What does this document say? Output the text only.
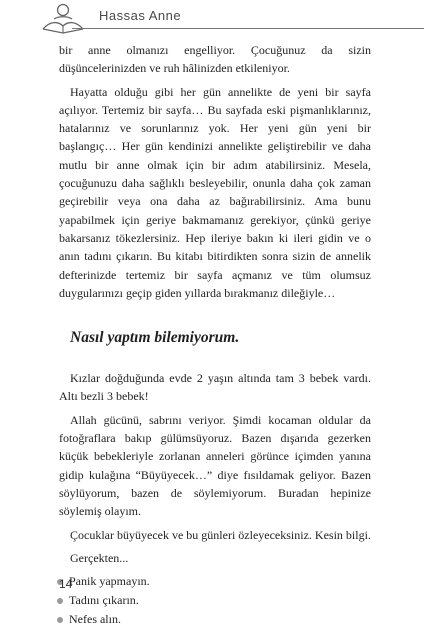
Hassas Anne

bir anne olmanızı engelliyor. Çocuğunuz da sizin düşüncelerinizden ve ruh hâlinizden etkileniyor.

Hayatta olduğu gibi her gün annelikte de yeni bir sayfa açılıyor. Tertemiz bir sayfa… Bu sayfada eski pişmanlıklarınız, hatalarınız ve sorunlarınız yok. Her yeni gün yeni bir başlangıç… Her gün kendinizi annelikte geliştirebilir ve daha mutlu bir anne olmak için bir adım atabilirsiniz. Mesela, çocuğunuzu daha sağlıklı besleyebilir, onunla daha çok zaman geçirebilir veya ona daha az bağırabilirsiniz. Ama bunu yapabilmek için geriye bakmamanız gerekiyor, çünkü geriye bakarsanız tökezlersiniz. Hep ileriye bakın ki ileri gidin ve o anın tadını çıkarın. Bu kitabı bitirdikten sonra sizin de annelik defterinizde tertemiz bir sayfa açmanız ve tüm olumsuz duygularınızı geçip giden yıllarda bırakmanız dileğiyle…

Nasıl yaptım bilemiyorum.

Kızlar doğduğunda evde 2 yaşın altında tam 3 bebek vardı. Altı bezli 3 bebek!

Allah gücünü, sabrını veriyor. Şimdi kocaman oldular da fotoğraflara bakıp gülümsüyoruz. Bazen dışarıda gezerken küçük bebekleriyle zorlanan anneleri görünce içimden yanına gidip kulağına “Büyüyecek…” diye fısıldamak geliyor. Bazen söylüyorum, bazen de söylemiyorum. Buradan hepinize söylemiş olayım.

Çocuklar büyüyecek ve bu günleri özleyeceksiniz. Kesin bilgi.

Gerçekten...

Panik yapmayın.
Tadını çıkarın.
Nefes alın.
14
